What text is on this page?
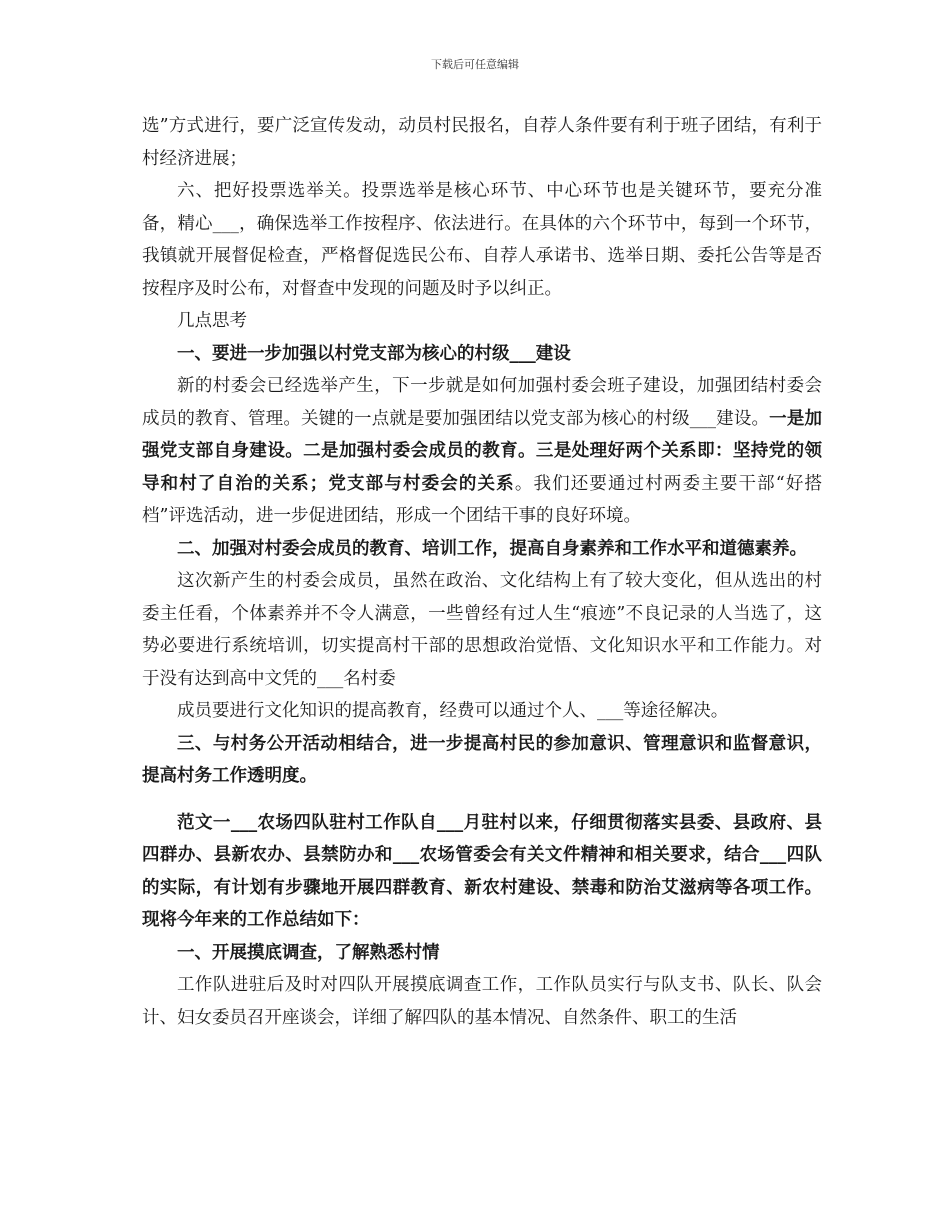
下载后可任意编辑

选”方式进行，要广泛宣传发动，动员村民报名，自荐人条件要有利于班子团结，有利于村经济进展；

六、把好投票选举关。投票选举是核心环节、中心环节也是关键环节，要充分准备，精心___，确保选举工作按程序、依法进行。在具体的六个环节中，每到一个环节，我镇就开展督促检查，严格督促选民公布、自荐人承诺书、选举日期、委托公告等是否按程序及时公布，对督查中发现的问题及时予以纠正。

几点思考

一、要进一步加强以村党支部为核心的村级___建设

新的村委会已经选举产生，下一步就是如何加强村委会班子建设，加强团结村委会成员的教育、管理。关键的一点就是要加强团结以党支部为核心的村级___建设。一是加强党支部自身建设。二是加强村委会成员的教育。三是处理好两个关系即：坚持党的领导和村了自治的关系；党支部与村委会的关系。我们还要通过村两委主要干部“好搭档”评选活动，进一步促进团结，形成一个团结干事的良好环境。

二、加强对村委会成员的教育、培训工作，提高自身素养和工作水平和道德素养。

这次新产生的村委会成员，虽然在政治、文化结构上有了较大变化，但从选出的村委主任看，个体素养并不令人满意，一些曾经有过人生“痕迹”不良记录的人当选了，这势必要进行系统培训，切实提高村干部的思想政治觉悟、文化知识水平和工作能力。对于没有达到高中文凭的___名村委

成员要进行文化知识的提高教育，经费可以通过个人、___等途径解决。

三、与村务公开活动相结合，进一步提高村民的参加意识、管理意识和监督意识，提高村务工作透明度。

范文一___农场四队驻村工作队自___月驻村以来，仔细贯彻落实县委、县政府、县四群办、县新农办、县禁防办和___农场管委会有关文件精神和相关要求，结合___四队的实际，有计划有步骤地开展四群教育、新农村建设、禁毒和防治艾滋病等各项工作。现将今年来的工作总结如下：

一、开展摸底调查，了解熟悉村情

工作队进驻后及时对四队开展摸底调查工作，工作队员实行与队支书、队长、队会计、妇女委员召开座谈会，详细了解四队的基本情况、自然条件、职工的生活
